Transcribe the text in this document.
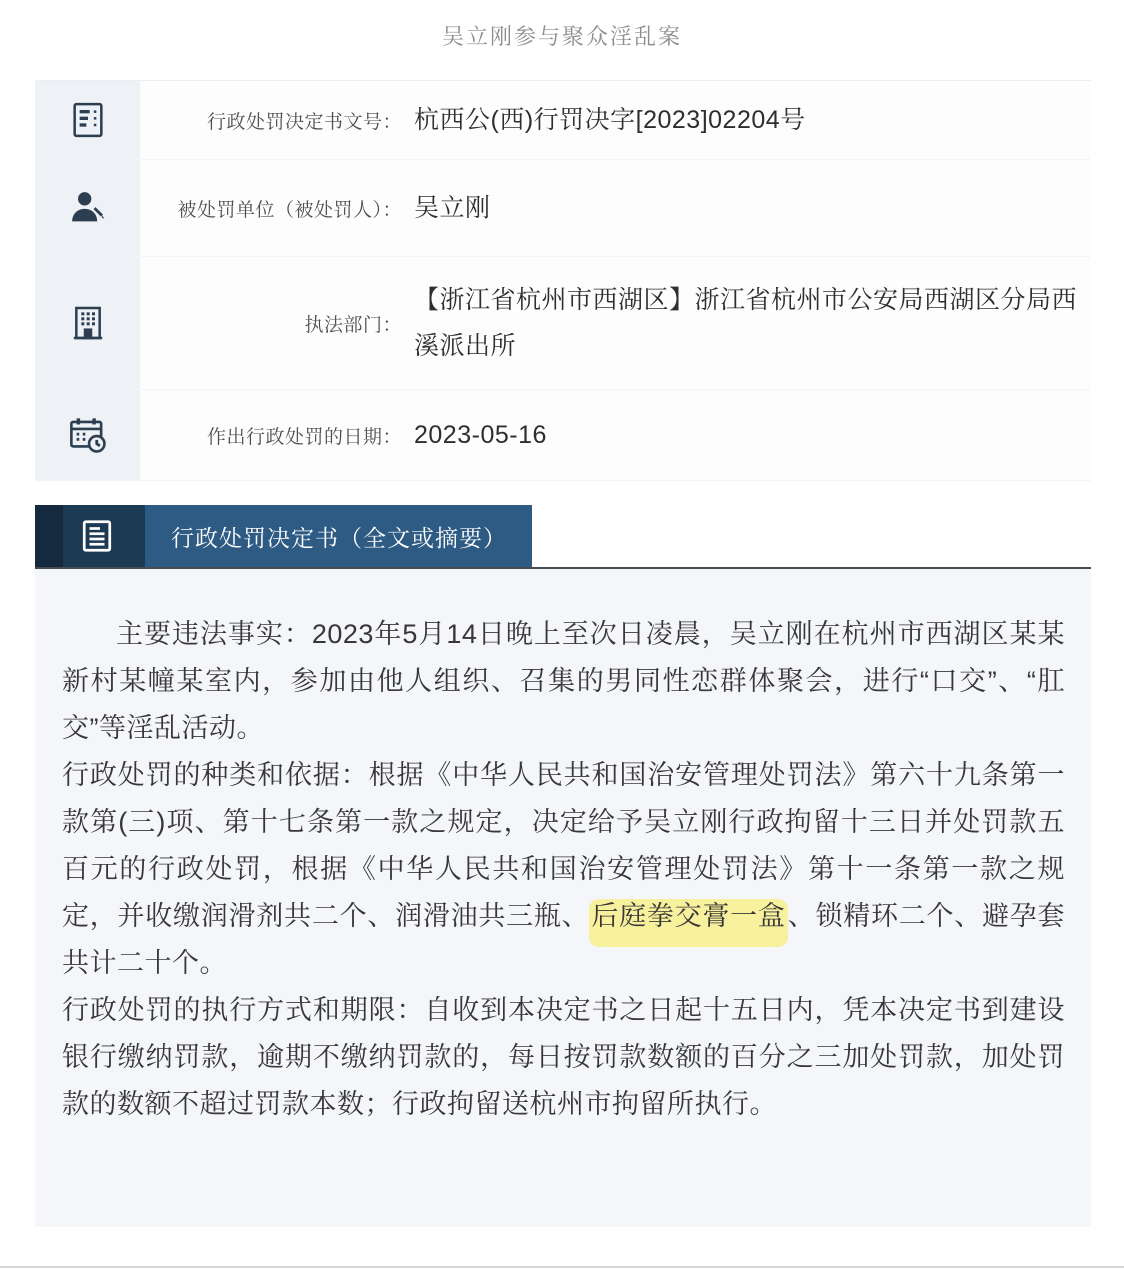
吴立刚参与聚众淫乱案
行政处罚决定书文号： 杭西公(西)行罚决字[2023]02204号
被处罚单位（被处罚人）： 吴立刚
执法部门：
【浙江省杭州市西湖区】浙江省杭州市公安局西湖区分局西溪派出所
作出行政处罚的日期： 2023-05-16
行政处罚决定书（全文或摘要）

主要违法事实：2023年5月14日晚上至次日凌晨，吴立刚在杭州市西湖区某某新村某幢某室内，参加由他人组织、召集的男同性恋群体聚会，进行“口交”、“肛交”等淫乱活动。

行政处罚的种类和依据：根据《中华人民共和国治安管理处罚法》第六十九条第一款第(三)项、第十七条第一款之规定，决定给予吴立刚行政拘留十三日并处罚款五百元的行政处罚，根据《中华人民共和国治安管理处罚法》第十一条第一款之规定，并收缴润滑剂共二个、润滑油共三瓶、后庭拳交膏一盒、锁精环二个、避孕套共计二十个。

行政处罚的执行方式和期限：自收到本决定书之日起十五日内，凭本决定书到建设银行缴纳罚款，逾期不缴纳罚款的，每日按罚款数额的百分之三加处罚款，加处罚款的数额不超过罚款本数；行政拘留送杭州市拘留所执行。
